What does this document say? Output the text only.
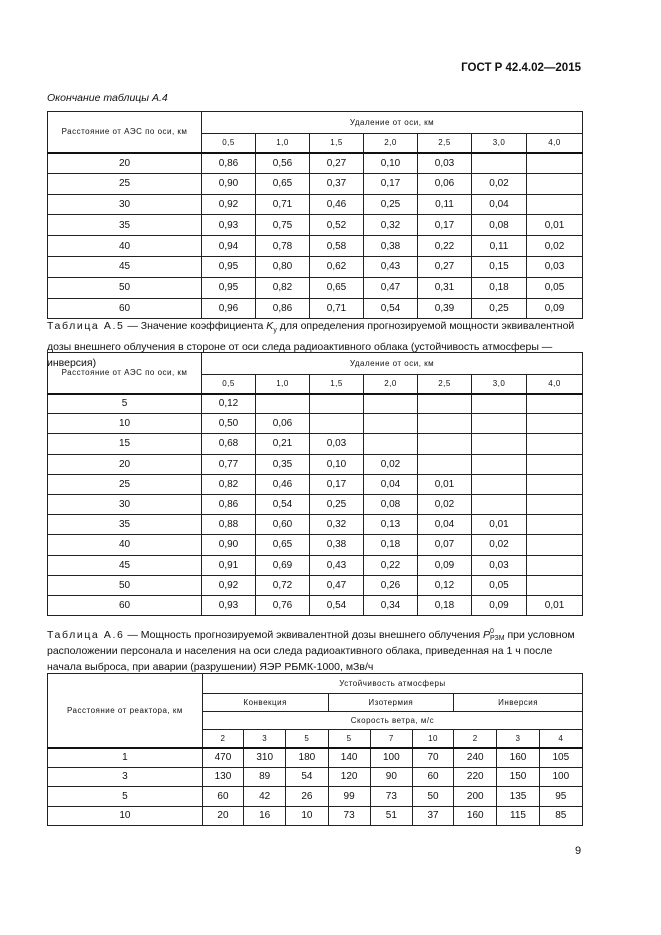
ГОСТ Р 42.4.02—2015
Окончание таблицы А.4
Расстояние от АЭС по оси, км	Удаление от оси, км						
	0,5	1,0	1,5	2,0	2,5	3,0	4,0
20	0,86	0,56	0,27	0,10	0,03		
25	0,90	0,65	0,37	0,17	0,06	0,02	
30	0,92	0,71	0,46	0,25	0,11	0,04	
35	0,93	0,75	0,52	0,32	0,17	0,08	0,01
40	0,94	0,78	0,58	0,38	0,22	0,11	0,02
45	0,95	0,80	0,62	0,43	0,27	0,15	0,03
50	0,95	0,82	0,65	0,47	0,31	0,18	0,05
60	0,96	0,86	0,71	0,54	0,39	0,25	0,09
Таблица А.5 — Значение коэффициента $K_y$ для определения прогнозируемой мощности эквивалентной дозы внешнего облучения в стороне от оси следа радиоактивного облака (устойчивость атмосферы — инверсия)
Расстояние от АЭС по оси, км	Удаление от оси, км						
	0,5	1,0	1,5	2,0	2,5	3,0	4,0
5	0,12						
10	0,50	0,06					
15	0,68	0,21	0,03				
20	0,77	0,35	0,10	0,02			
25	0,82	0,46	0,17	0,04	0,01		
30	0,86	0,54	0,25	0,08	0,02		
35	0,88	0,60	0,32	0,13	0,04	0,01	
40	0,90	0,65	0,38	0,18	0,07	0,02	
45	0,91	0,69	0,43	0,22	0,09	0,03	
50	0,92	0,72	0,47	0,26	0,12	0,05	
60	0,93	0,76	0,54	0,34	0,18	0,09	0,01
Таблица А.6 — Мощность прогнозируемой эквивалентной дозы внешнего облучения P 0
РЗМ при условном расположении персонала и населения на оси следа радиоактивного облака, приведенная на 1 ч после начала выброса, при аварии (разрушении) ЯЭР РБМК-1000, мЗв/ч
Расстояние от реактора, км	Устойчивость атмосферы								
	Конвекция			Изотермия			Инверсия		
	Скорость ветра, м/с								
	2	3	5	5	7	10	2	3	4
1	470	310	180	140	100	70	240	160	105
3	130	89	54	120	90	60	220	150	100
5	60	42	26	99	73	50	200	135	95
10	20	16	10	73	51	37	160	115	85
9
